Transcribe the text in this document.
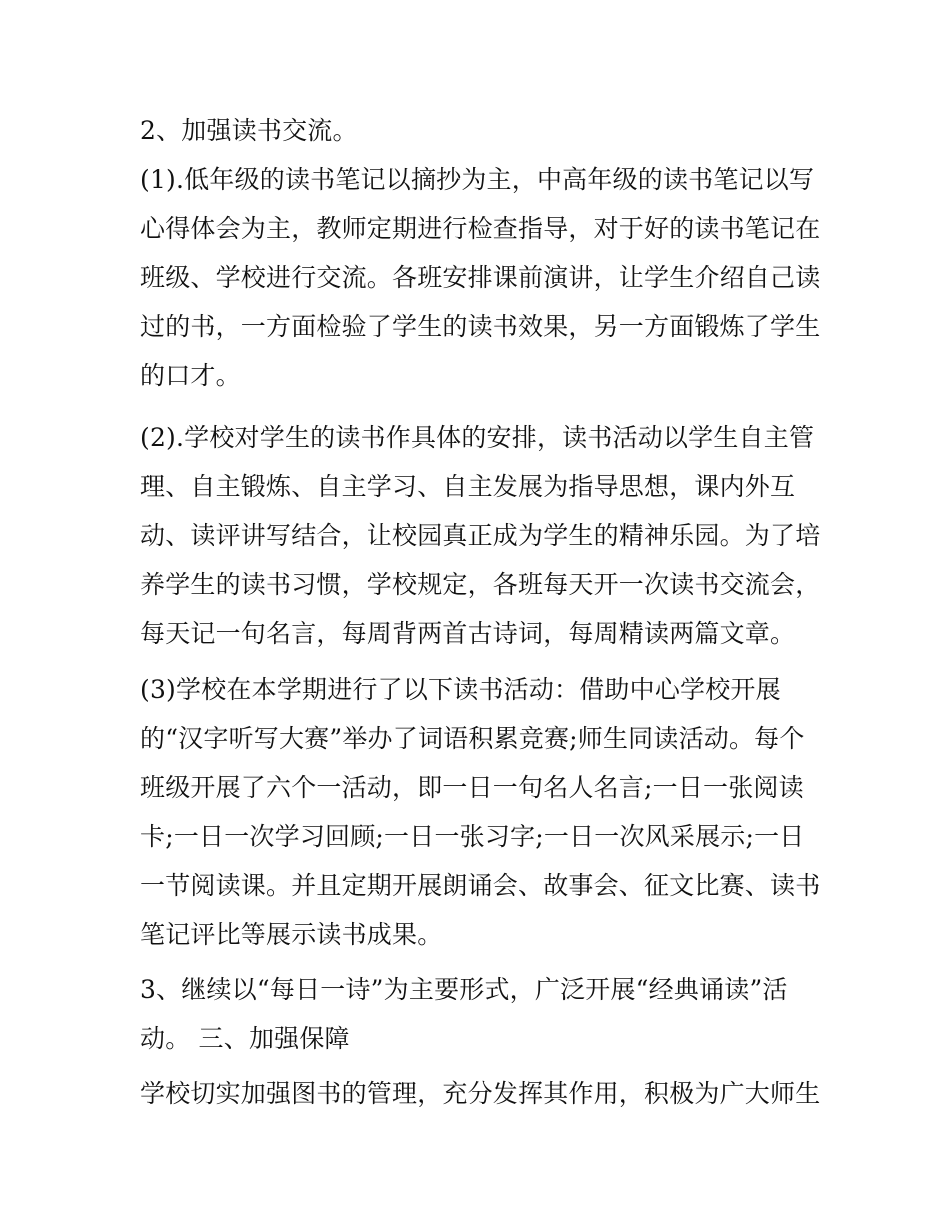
2、加强读书交流。

(1).低年级的读书笔记以摘抄为主，中高年级的读书笔记以写

心得体会为主，教师定期进行检查指导，对于好的读书笔记在

班级、学校进行交流。各班安排课前演讲，让学生介绍自己读

过的书，一方面检验了学生的读书效果，另一方面锻炼了学生

的口才。

(2).学校对学生的读书作具体的安排，读书活动以学生自主管

理、自主锻炼、自主学习、自主发展为指导思想，课内外互

动、读评讲写结合，让校园真正成为学生的精神乐园。为了培

养学生的读书习惯，学校规定，各班每天开一次读书交流会，

每天记一句名言，每周背两首古诗词，每周精读两篇文章。

(3)学校在本学期进行了以下读书活动：借助中心学校开展

的“汉字听写大赛”举办了词语积累竞赛;师生同读活动。每个

班级开展了六个一活动，即一日一句名人名言;一日一张阅读

卡;一日一次学习回顾;一日一张习字;一日一次风采展示;一日

一节阅读课。并且定期开展朗诵会、故事会、征文比赛、读书

笔记评比等展示读书成果。

3、继续以“每日一诗”为主要形式，广泛开展“经典诵读”活

动。 三、加强保障

学校切实加强图书的管理，充分发挥其作用，积极为广大师生
